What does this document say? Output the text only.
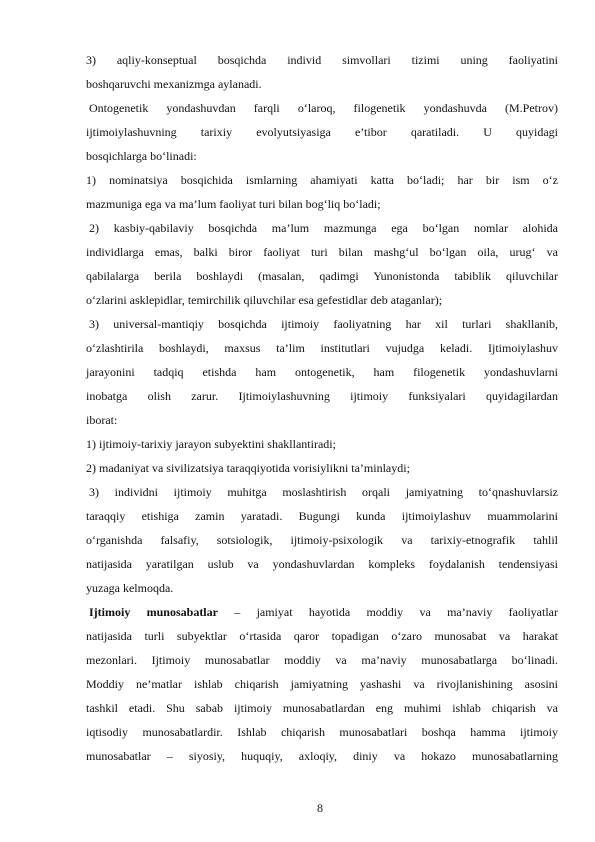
3) aqliy-konseptual bosqichda individ simvollari tizimi uning faoliyatini
boshqaruvchi mexanizmga aylanadi.
Ontogenetik yondashuvdan farqli o‘laroq, filogenetik yondashuvda (M.Petrov)
ijtimoiylashuvning tarixiy evolyutsiyasiga e’tibor qaratiladi. U quyidagi
bosqichlarga bo‘linadi:
1) nominatsiya bosqichida ismlarning ahamiyati katta bo‘ladi; har bir ism o‘z
mazmuniga ega va ma’lum faoliyat turi bilan bog‘liq bo‘ladi;
2) kasbiy-qabilaviy bosqichda ma’lum mazmunga ega bo‘lgan nomlar alohida
individlarga emas, balki biror faoliyat turi bilan mashg‘ul bo‘lgan oila, urug‘ va
qabilalarga berila boshlaydi (masalan, qadimgi Yunonistonda tabiblik qiluvchilar
o‘zlarini asklepidlar, temirchilik qiluvchilar esa gefestidlar deb ataganlar);
3) universal-mantiqiy bosqichda ijtimoiy faoliyatning har xil turlari shakllanib,
o‘zlashtirila boshlaydi, maxsus ta’lim institutlari vujudga keladi. Ijtimoiylashuv
jarayonini tadqiq etishda ham ontogenetik, ham filogenetik yondashuvlarni
inobatga olish zarur. Ijtimoiylashuvning ijtimoiy funksiyalari quyidagilardan
iborat:
1) ijtimoiy-tarixiy jarayon subyektini shakllantiradi;
2) madaniyat va sivilizatsiya taraqqiyotida vorisiylikni ta’minlaydi;
3) individni ijtimoiy muhitga moslashtirish orqali jamiyatning to‘qnashuvlarsiz
taraqqiy etishiga zamin yaratadi. Bugungi kunda ijtimoiylashuv muammolarini
o‘rganishda falsafiy, sotsiologik, ijtimoiy-psixologik va tarixiy-etnografik tahlil
natijasida yaratilgan uslub va yondashuvlardan kompleks foydalanish tendensiyasi
yuzaga kelmoqda.
Ijtimoiy munosabatlar – jamiyat hayotida moddiy va ma’naviy faoliyatlar
natijasida turli subyektlar o‘rtasida qaror topadigan o‘zaro munosabat va harakat
mezonlari. Ijtimoiy munosabatlar moddiy va ma’naviy munosabatlarga bo‘linadi.
Moddiy ne’matlar ishlab chiqarish jamiyatning yashashi va rivojlanishining asosini
tashkil etadi. Shu sabab ijtimoiy munosabatlardan eng muhimi ishlab chiqarish va
iqtisodiy munosabatlardir. Ishlab chiqarish munosabatlari boshqa hamma ijtimoiy
munosabatlar – siyosiy, huquqiy, axloqiy, diniy va hokazo munosabatlarning
8
